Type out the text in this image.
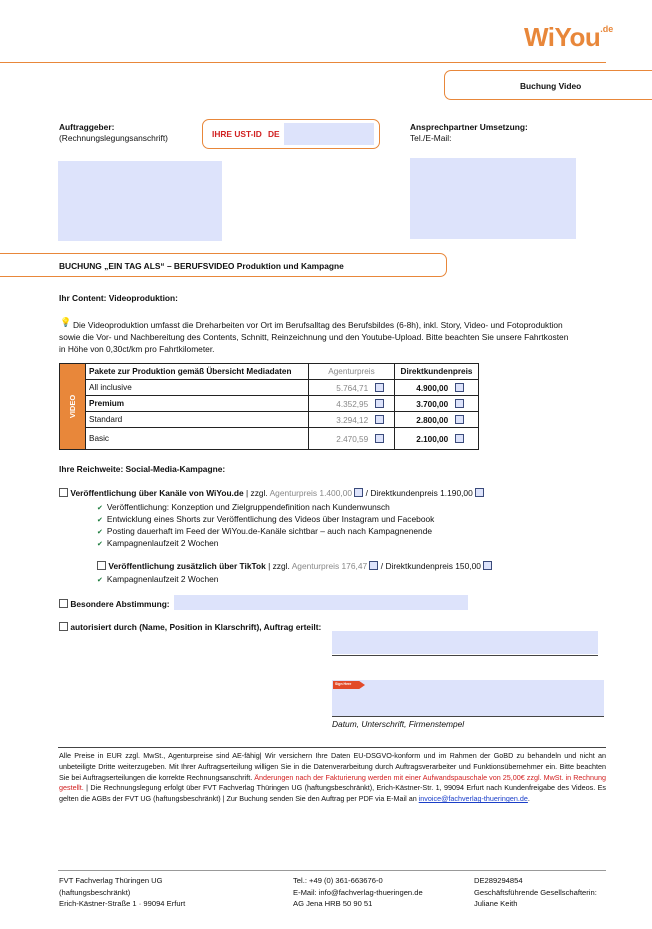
WiYou.de
Buchung Video
Auftraggeber:
(Rechnungslegungsanschrift)	IHRE UST-ID DE
Ansprechpartner Umsetzung:
Tel./E-Mail:
BUCHUNG „EIN TAG ALS“ – BERUFSVIDEO Produktion und Kampagne
Ihr Content: Videoproduktion:
💡 Die Videoproduktion umfasst die Dreharbeiten vor Ort im Berufsalltag des Berufsbildes (6-8h), inkl. Story, Video- und Fotoproduktion
sowie die Vor- und Nachbereitung des Contents, Schnitt, Reinzeichnung und den Youtube-Upload. Bitte beachten Sie unsere Fahrtkosten
in Höhe von 0,30ct/km pro Fahrtkilometer.
VIDEO	Pakete zur Produktion gemäß Übersicht Mediadaten	Agenturpreis	Direktkundenpreis
	All inclusive	5.764,71	4.900,00
	Premium	4.352,95	3.700,00
	Standard	3.294,12	2.800,00
	Basic	2.470,59	2.100,00
Ihre Reichweite: Social-Media-Kampagne:
Veröffentlichung über Kanäle von WiYou.de | zzgl. Agenturpreis 1.400,00  / Direktkundenpreis 1.190,00
✔ Veröffentlichung: Konzeption und Zielgruppendefinition nach Kundenwunsch
✔ Entwicklung eines Shorts zur Veröffentlichung des Videos über Instagram und Facebook
✔ Posting dauerhaft im Feed der WiYou.de-Kanäle sichtbar – auch nach Kampagnenende
✔ Kampagnenlaufzeit 2 Wochen
Veröffentlichung zusätzlich über TikTok | zzgl. Agenturpreis 176,47  / Direktkundenpreis 150,00
✔ Kampagnenlaufzeit 2 Wochen
Besondere Abstimmung:
autorisiert durch (Name, Position in Klarschrift), Auftrag erteilt:
Sign Here
Datum, Unterschrift, Firmenstempel
Alle Preise in EUR zzgl. MwSt., Agenturpreise sind AE-fähig| Wir versichern Ihre Daten EU-DSGVO-konform und im Rahmen der GoBD zu behandeln und nicht an unbeteiligte Dritte weiterzugeben. Mit Ihrer Auftragserteilung willigen Sie in die Datenverarbeitung durch Auftragsverarbeiter und Funktionsübernehmer ein. Bitte beachten Sie bei Auftragserteilungen die korrekte Rechnungsanschrift. Änderungen nach der Fakturierung werden mit einer Aufwandspauschale von 25,00€ zzgl. MwSt. in Rechnung gestellt. | Die Rechnungslegung erfolgt über FVT Fachverlag Thüringen UG (haftungsbeschränkt), Erich-Kästner-Str. 1, 99094 Erfurt nach Kundenfreigabe des Videos. Es gelten die AGBs der FVT UG (haftungsbeschränkt) | Zur Buchung senden Sie den Auftrag per PDF via E-Mail an invoice@fachverlag-thueringen.de.
FVT Fachverlag Thüringen UG
(haftungsbeschränkt)
Erich-Kästner-Straße 1 · 99094 Erfurt
Tel.: +49 (0) 361-663676-0
E-Mail: info@fachverlag-thueringen.de
AG Jena HRB 50 90 51
DE289294854
Geschäftsführende Gesellschafterin:
Juliane Keith
